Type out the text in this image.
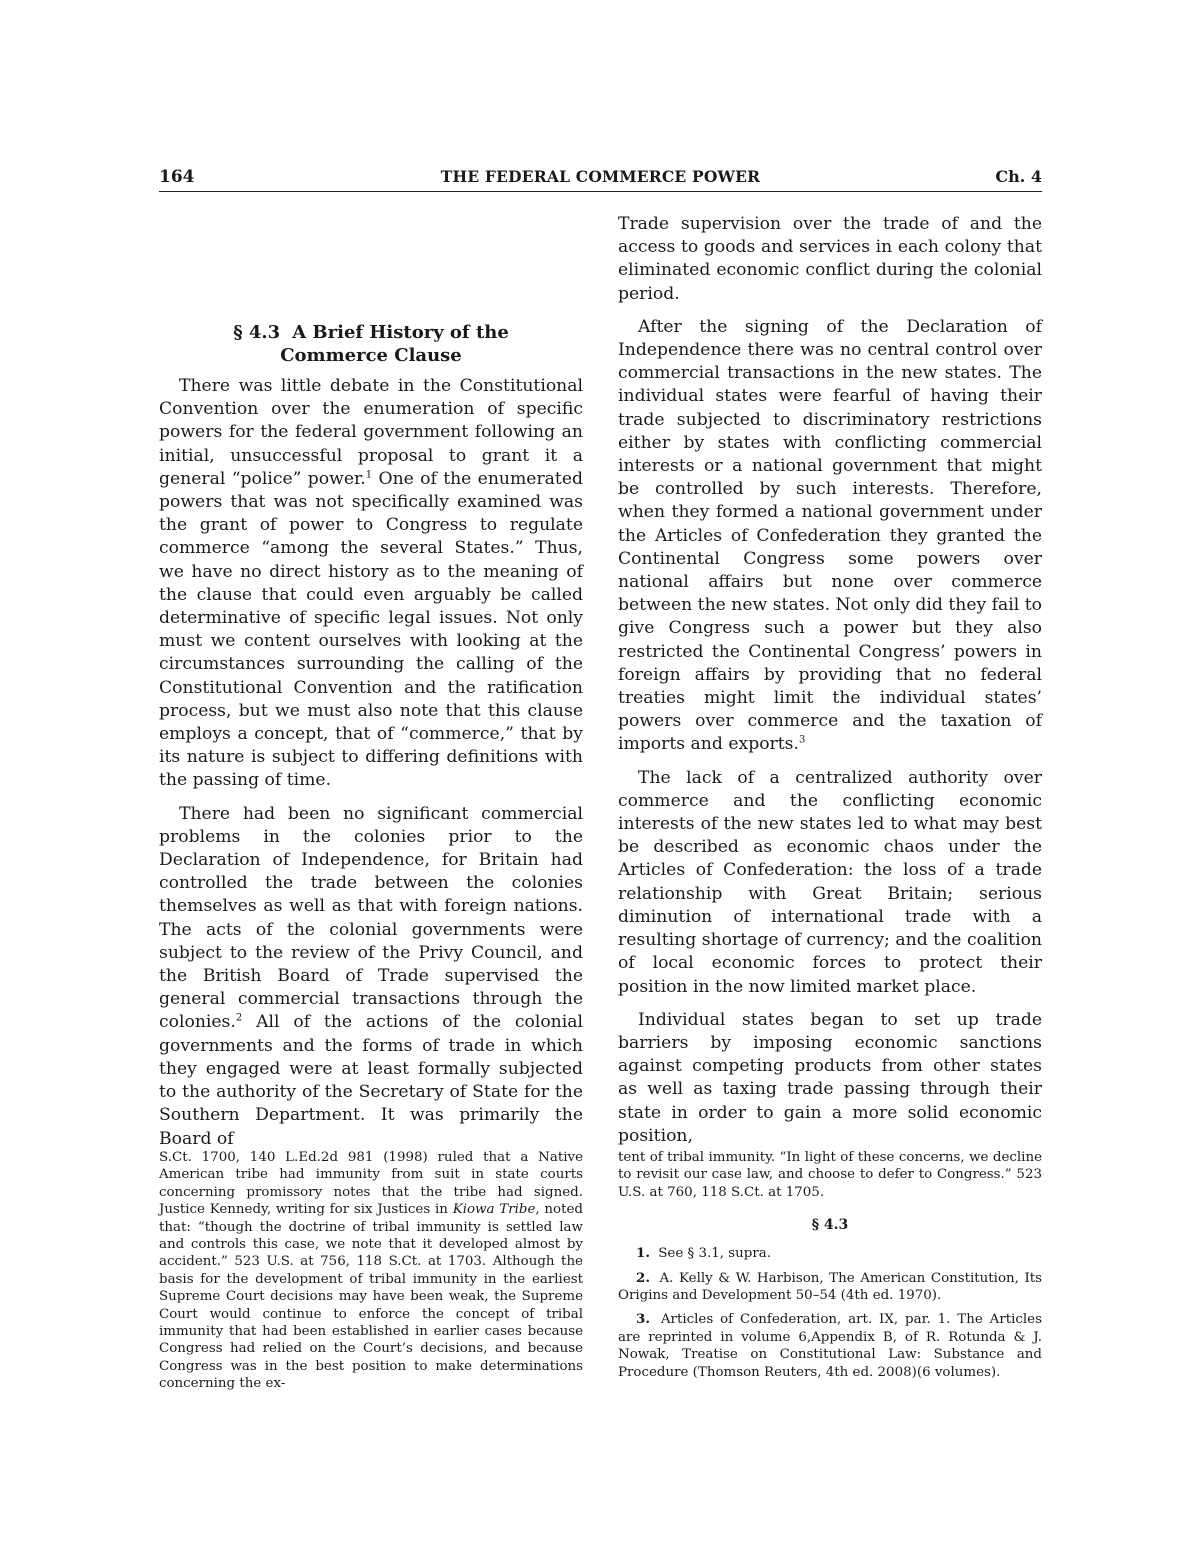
164	THE FEDERAL COMMERCE POWER	Ch. 4
§ 4.3 A Brief History of the
Commerce Clause

There was little debate in the Constitutional Convention over the enumeration of specific powers for the federal government following an initial, unsuccessful proposal to grant it a general “police” power.$^1$ One of the enumerated powers that was not specifically examined was the grant of power to Congress to regulate commerce “among the several States.” Thus, we have no direct history as to the meaning of the clause that could even arguably be called determinative of specific legal issues. Not only must we content ourselves with looking at the circumstances surrounding the calling of the Constitutional Convention and the ratification process, but we must also note that this clause employs a concept, that of “commerce,” that by its nature is subject to differing definitions with the passing of time.

There had been no significant commercial problems in the colonies prior to the Declaration of Independence, for Britain had controlled the trade between the colonies themselves as well as that with foreign nations. The acts of the colonial governments were subject to the review of the Privy Council, and the British Board of Trade supervised the general commercial transactions through the colonies.$^2$ All of the actions of the colonial governments and the forms of trade in which they engaged were at least formally subjected to the authority of the Secretary of State for the Southern Department. It was primarily the Board of

Trade supervision over the trade of and the access to goods and services in each colony that eliminated economic conflict during the colonial period.

After the signing of the Declaration of Independence there was no central control over commercial transactions in the new states. The individual states were fearful of having their trade subjected to discriminatory restrictions either by states with conflicting commercial interests or a national government that might be controlled by such interests. Therefore, when they formed a national government under the Articles of Confederation they granted the Continental Congress some powers over national affairs but none over commerce between the new states. Not only did they fail to give Congress such a power but they also restricted the Continental Congress’ powers in foreign affairs by providing that no federal treaties might limit the individual states’ powers over commerce and the taxation of imports and exports.$^3$

The lack of a centralized authority over commerce and the conflicting economic interests of the new states led to what may best be described as economic chaos under the Articles of Confederation: the loss of a trade relationship with Great Britain; serious diminution of international trade with a resulting shortage of currency; and the coalition of local economic forces to protect their position in the now limited market place.

Individual states began to set up trade barriers by imposing economic sanctions against competing products from other states as well as taxing trade passing through their state in order to gain a more solid economic position,

S.Ct. 1700, 140 L.Ed.2d 981 (1998) ruled that a Native American tribe had immunity from suit in state courts concerning promissory notes that the tribe had signed. Justice Kennedy, writing for six Justices in Kiowa Tribe, noted that: “though the doctrine of tribal immunity is settled law and controls this case, we note that it developed almost by accident.” 523 U.S. at 756, 118 S.Ct. at 1703. Although the basis for the development of tribal immunity in the earliest Supreme Court decisions may have been weak, the Supreme Court would continue to enforce the concept of tribal immunity that had been established in earlier cases because Congress had relied on the Court’s decisions, and because Congress was in the best position to make determinations concerning the ex-

tent of tribal immunity. “In light of these concerns, we decline to revisit our case law, and choose to defer to Congress.” 523 U.S. at 760, 118 S.Ct. at 1705.

§ 4.3

1. See § 3.1, supra.

2. A. Kelly & W. Harbison, The American Constitution, Its Origins and Development 50–54 (4th ed. 1970).

3. Articles of Confederation, art. IX, par. 1. The Articles are reprinted in volume 6,Appendix B, of R. Rotunda & J. Nowak, Treatise on Constitutional Law: Substance and Procedure (Thomson Reuters, 4th ed. 2008)(6 volumes).
